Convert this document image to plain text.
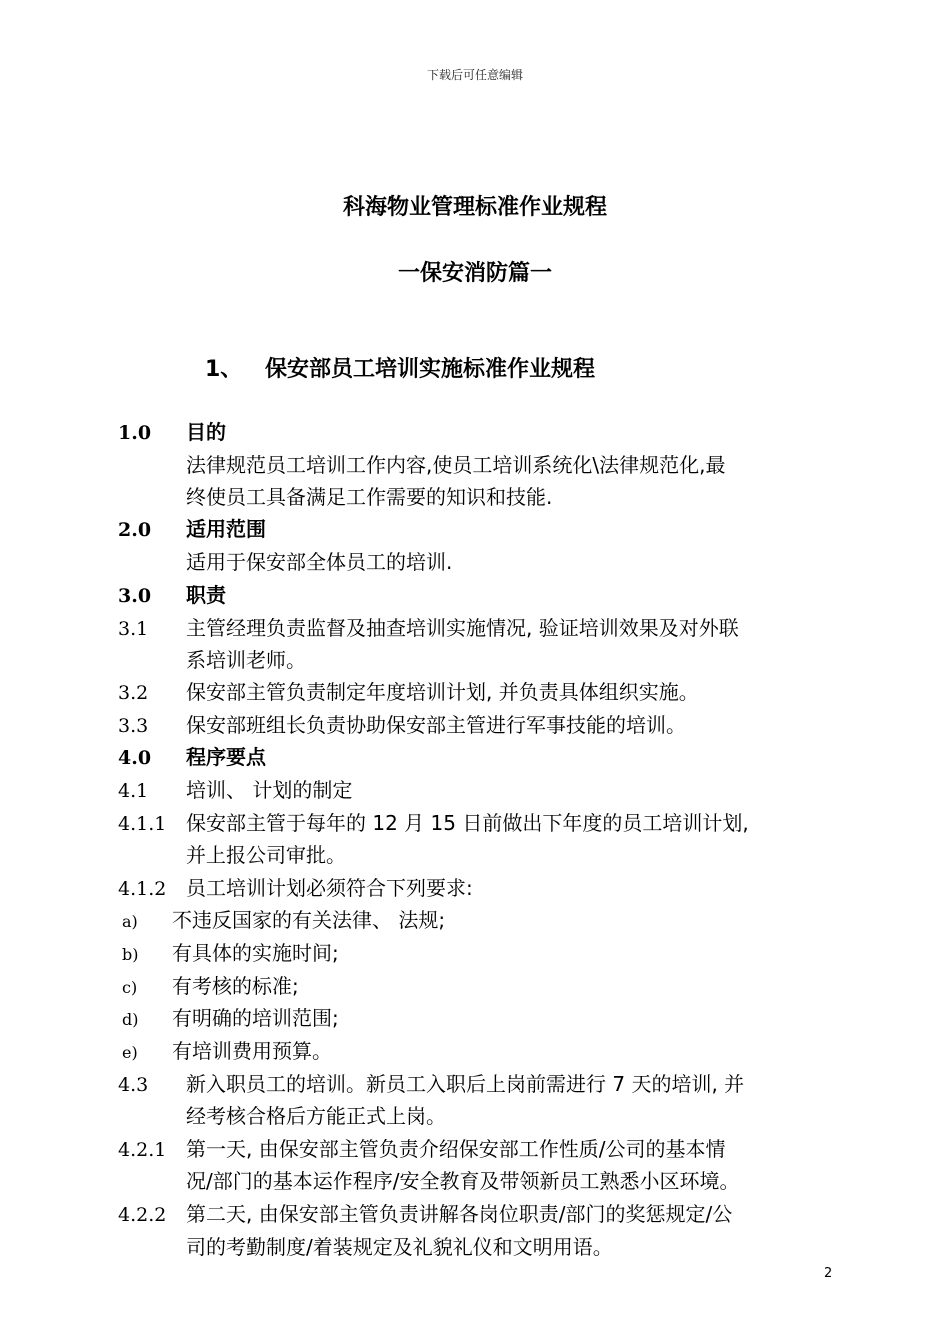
下载后可任意编辑
科海物业管理标准作业规程
一保安消防篇一
1、 保安部员工培训实施标准作业规程
1.0 目的
法律规范员工培训工作内容,使员工培训系统化\法律规范化,最
终使员工具备满足工作需要的知识和技能.
2.0 适用范围
适用于保安部全体员工的培训.
3.0 职责
3.1 主管经理负责监督及抽查培训实施情况, 验证培训效果及对外联
系培训老师。
3.2 保安部主管负责制定年度培训计划, 并负责具体组织实施。
3.3 保安部班组长负责协助保安部主管进行军事技能的培训。
4.0 程序要点
4.1 培训、 计划的制定
4.1.1 保安部主管于每年的 12 月 15 日前做出下年度的员工培训计划,
并上报公司审批。
4.1.2 员工培训计划必须符合下列要求:
a) 不违反国家的有关法律、 法规;
b) 有具体的实施时间;
c) 有考核的标准;
d) 有明确的培训范围;
e) 有培训费用预算。
4.3 新入职员工的培训。新员工入职后上岗前需进行 7 天的培训, 并
经考核合格后方能正式上岗。
4.2.1 第一天, 由保安部主管负责介绍保安部工作性质/公司的基本情
况/部门的基本运作程序/安全教育及带领新员工熟悉小区环境。
4.2.2 第二天, 由保安部主管负责讲解各岗位职责/部门的奖惩规定/公
司的考勤制度/着装规定及礼貌礼仪和文明用语。
2
